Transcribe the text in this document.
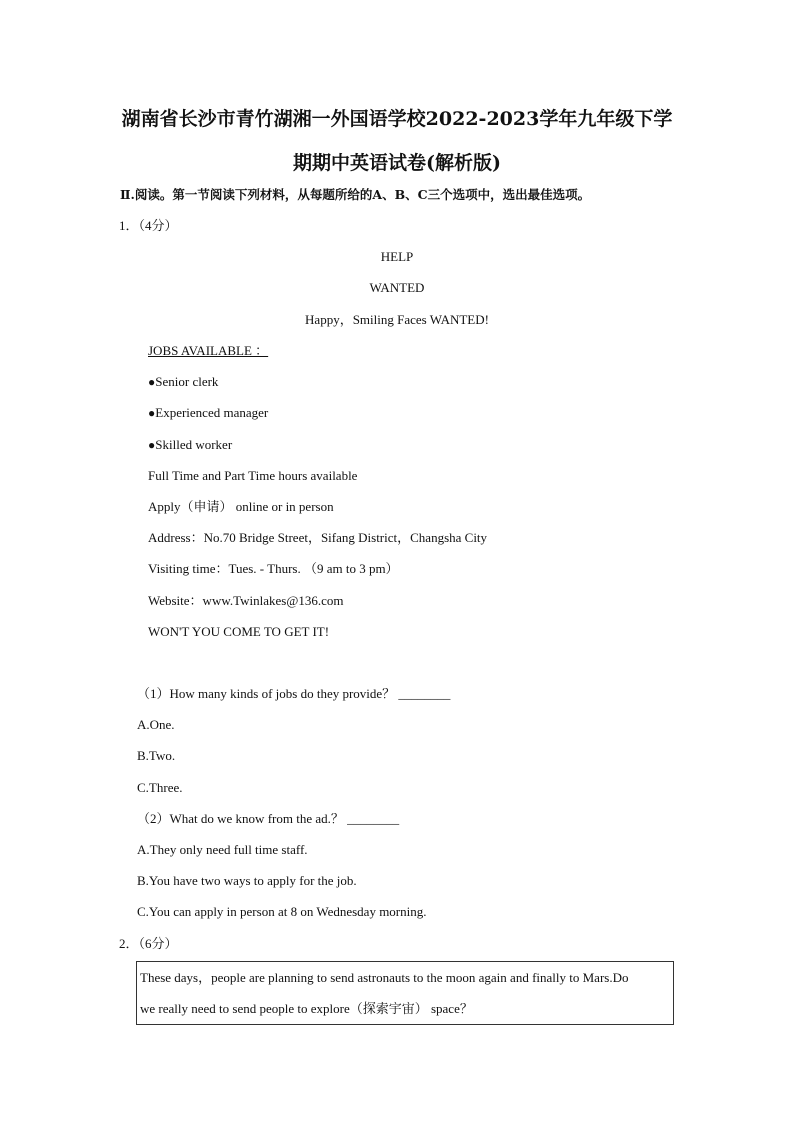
湖南省长沙市青竹湖湘一外国语学校2022-2023学年九年级下学
期期中英语试卷(解析版)
Ⅱ.阅读。第一节阅读下列材料，从每题所给的A、B、C三个选项中，选出最佳选项。
1．（4分）
HELP
WANTED
Happy，Smiling Faces WANTED!
JOBS AVAILABLE ：
● Senior clerk
● Experienced manager
● Skilled worker
Full Time and Part Time hours available
Apply（申请） online or in person
Address：No.70 Bridge Street，Sifang District，Changsha City
Visiting time：Tues. - Thurs. （9 am to 3 pm）
Website：www.Twinlakes@136.com
WON'T YOU COME TO GET IT!
（1）How many kinds of jobs do they provide？ ________
A.One.
B.Two.
C.Three.
（2）What do we know from the ad.？ ________
A.They only need full time staff.
B.You have two ways to apply for the job.
C.You can apply in person at 8 on Wednesday morning.
2．（6分）
These days，people are planning to send astronauts to the moon again and finally to Mars.Do
we really need to send people to explore（探索宇宙） space？
